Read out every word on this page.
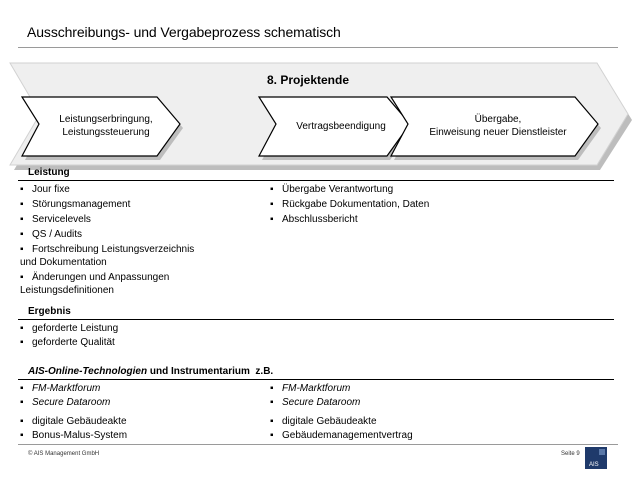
Ausschreibungs- und Vergabeprozess schematisch
8. Projektende
Leistungserbringung,
Leistungssteuerung
Vertragsbeendigung
Übergabe,
Einweisung neuer Dienstleister
Leistung
▪ Jour fixe
▪ Störungsmanagement
▪ Servicelevels
▪ QS / Audits
▪ Fortschreibung Leistungsverzeichnis
und Dokumentation
▪ Änderungen und Anpassungen
Leistungsdefinitionen
▪ Übergabe Verantwortung
▪ Rückgabe Dokumentation, Daten
▪ Abschlussbericht
Ergebnis
▪ geforderte Leistung
▪ geforderte Qualität
AIS-Online-Technologien und Instrumentarium  z.B.
▪ FM-Marktforum
▪ Secure Dataroom
▪ digitale Gebäudeakte
▪ Bonus-Malus-System
▪ FM-Marktforum
▪ Secure Dataroom
▪ digitale Gebäudeakte
▪ Gebäudemanagementvertrag
© AIS Management GmbH	Seite 9
AIS
